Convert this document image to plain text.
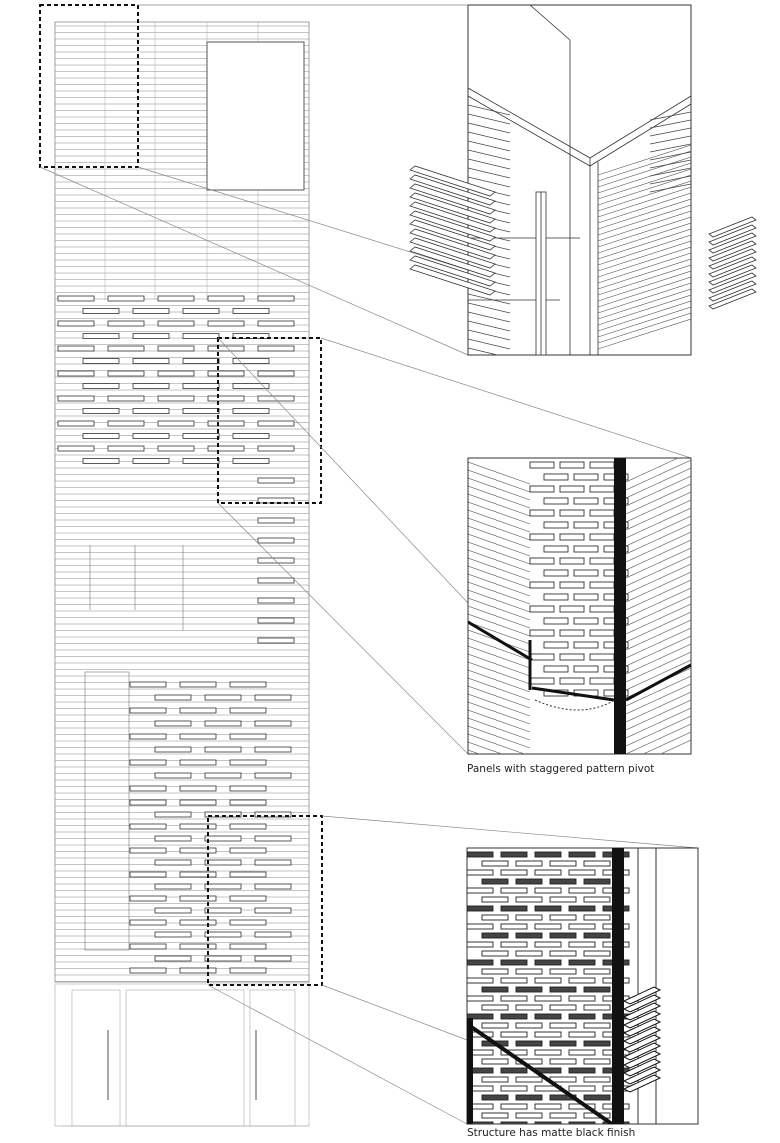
Panels with staggered pattern pivot
Structure has matte black finish
